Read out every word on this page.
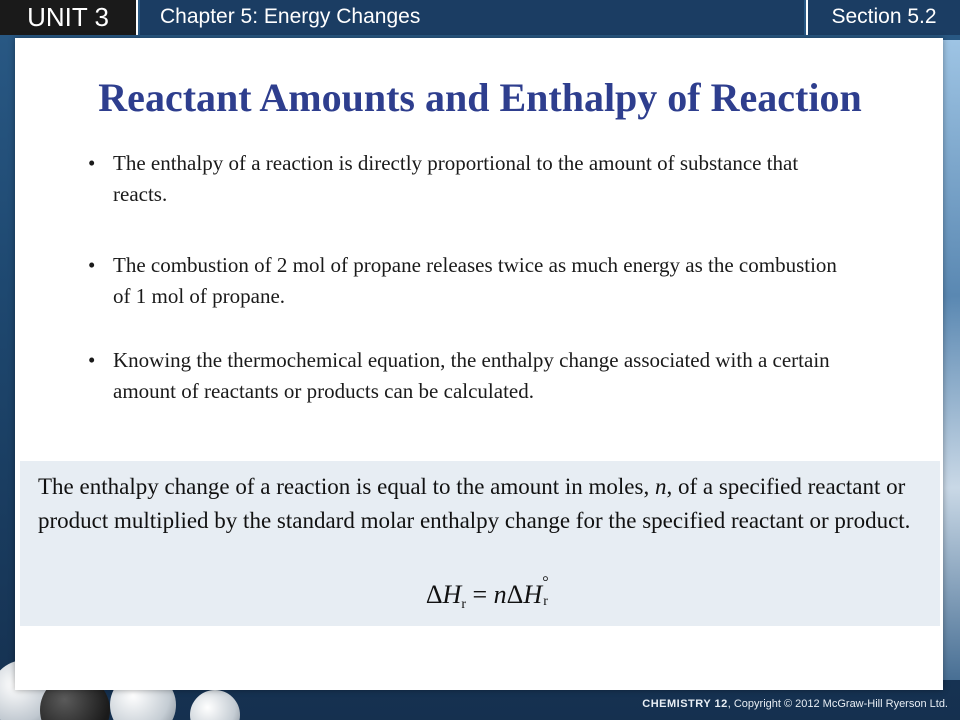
UNIT 3	Chapter 5: Energy Changes	Section 5.2
Reactant Amounts and Enthalpy of Reaction
• The enthalpy of a reaction is directly proportional to the amount of substance that reacts.
• The combustion of 2 mol of propane releases twice as much energy as the combustion of 1 mol of propane.
• Knowing the thermochemical equation, the enthalpy change associated with a certain amount of reactants or products can be calculated.

The enthalpy change of a reaction is equal to the amount in moles, n, of a specified reactant or product multiplied by the standard molar enthalpy change for the specified reactant or product.

$\Delta H_r = n\Delta H$ °
r
CHEMISTRY 12, Copyright © 2012 McGraw-Hill Ryerson Ltd.
